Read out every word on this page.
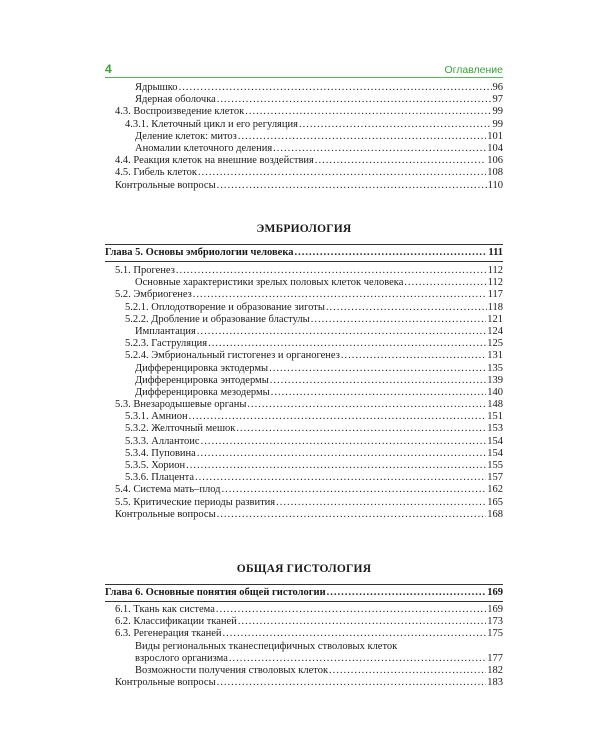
4	Оглавление
Ядрышко .....	96
Ядерная оболочка .....	97
4.3. Воспроизведение клеток .....	99
4.3.1. Клеточный цикл и его регуляция .....	99
Деление клеток: митоз .....	101
Аномалии клеточного деления .....	104
4.4. Реакция клеток на внешние воздействия .....	106
4.5. Гибель клеток .....	108
Контрольные вопросы .....	110
ЭМБРИОЛОГИЯ
Глава 5. Основы эмбриологии человека .....	111
5.1. Прогенез .....	112
Основные характеристики зрелых половых клеток человека .....	112
5.2. Эмбриогенез .....	117
5.2.1. Оплодотворение и образование зиготы .....	118
5.2.2. Дробление и образование бластулы .....	121
Имплантация .....	124
5.2.3. Гаструляция .....	125
5.2.4. Эмбриональный гистогенез и органогенез .....	131
Дифференцировка эктодермы .....	135
Дифференцировка энтодермы .....	139
Дифференцировка мезодермы .....	140
5.3. Внезародышевые органы .....	148
5.3.1. Амнион .....	151
5.3.2. Желточный мешок .....	153
5.3.3. Аллантоис .....	154
5.3.4. Пуповина .....	154
5.3.5. Хорион .....	155
5.3.6. Плацента .....	157
5.4. Система мать–плод .....	162
5.5. Критические периоды развития .....	165
Контрольные вопросы .....	168
ОБЩАЯ ГИСТОЛОГИЯ
Глава 6. Основные понятия общей гистологии .....	169
6.1. Ткань как система .....	169
6.2. Классификации тканей .....	173
6.3. Регенерация тканей .....	175
Виды региональных тканеспецифичных стволовых клеток
взрослого организма .....	177
Возможности получения стволовых клеток .....	182
Контрольные вопросы .....	183
